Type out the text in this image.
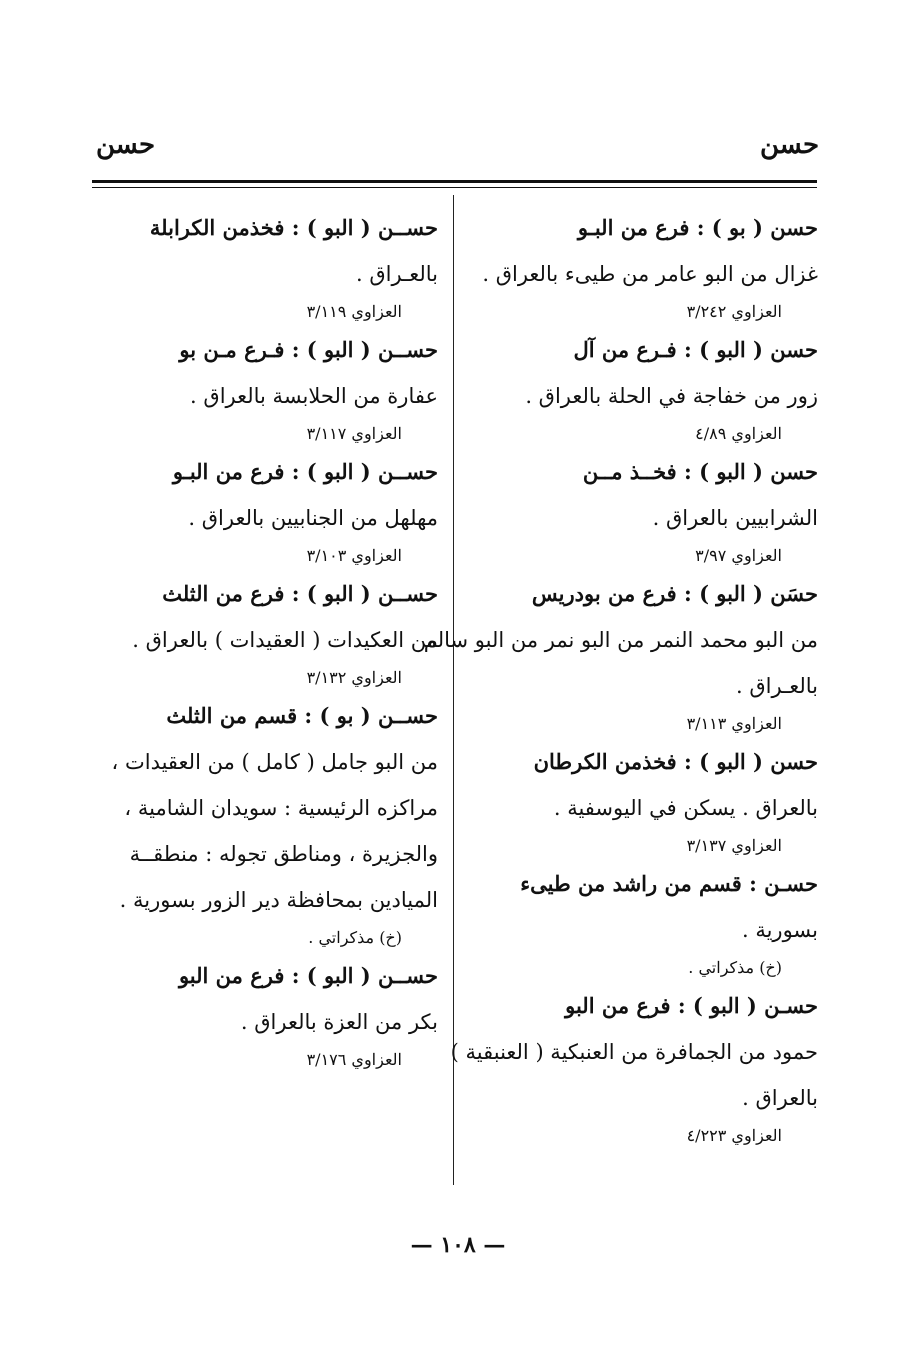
حسن
حسن
حسن ( بو ) : فرع من البـو
غزال من البو عامر من طيىء بالعراق .
العزاوي ٣/٢٤٢
حسن ( البو ) : فـرع من آل
زور من خفاجة في الحلة بالعراق .
العزاوي ٤/٨٩
حسن ( البو ) : فخــذ مــن
الشرابيين بالعراق .
العزاوي ٣/٩٧
حسَن ( البو ) : فرع من بودريس
من البو محمد النمر من البو نمر من البو سالم
بالعـراق .
العزاوي ٣/١١٣
حسن ( البو ) : فخذمن الكرطان
بالعراق . يسكن في اليوسفية .
العزاوي ٣/١٣٧
حسـن : قسم من راشد من طيىء
بسورية .
(خ) مذكراتي .
حسـن ( البو ) : فرع من البو
حمود من الجمافرة من العنبكية ( العنبقية )
بالعراق .
العزاوي ٤/٢٢٣
حســن ( البو ) : فخذمن الكرابلة
بالعـراق .
العزاوي ٣/١١٩
حســن ( البو ) : فـرع مـن بو
عفارة من الحلابسة بالعراق .
العزاوي ٣/١١٧
حســن ( البو ) : فرع من البـو
مهلهل من الجنابيين بالعراق .
العزاوي ٣/١٠٣
حســن ( البو ) : فرع من الثلث
من العكيدات ( العقيدات ) بالعراق .
العزاوي ٣/١٣٢
حســن ( بو ) : قسم من الثلث
من البو جامل ( كامل ) من العقيدات ،
مراكزه الرئيسية : سويدان الشامية ،
والجزيرة ، ومناطق تجوله : منطقــة
الميادين بمحافظة دير الزور بسورية .
(خ) مذكراتي .
حســن ( البو ) : فرع من البو
بكر من العزة بالعراق .
العزاوي ٣/١٧٦
— ١٠٨ —
